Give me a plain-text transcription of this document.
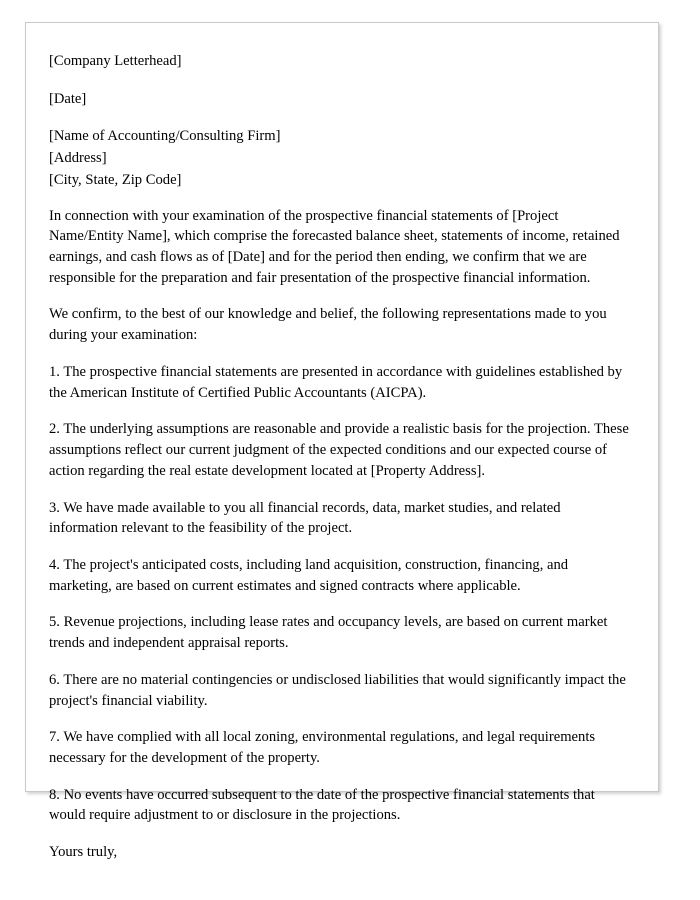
[Company Letterhead]

[Date]

[Name of Accounting/Consulting Firm]

[Address]

[City, State, Zip Code]

In connection with your examination of the prospective financial statements of [Project Name/Entity Name], which comprise the forecasted balance sheet, statements of income, retained earnings, and cash flows as of [Date] and for the period then ending, we confirm that we are responsible for the preparation and fair presentation of the prospective financial information.

We confirm, to the best of our knowledge and belief, the following representations made to you during your examination:

1. The prospective financial statements are presented in accordance with guidelines established by the American Institute of Certified Public Accountants (AICPA).

2. The underlying assumptions are reasonable and provide a realistic basis for the projection. These assumptions reflect our current judgment of the expected conditions and our expected course of action regarding the real estate development located at [Property Address].

3. We have made available to you all financial records, data, market studies, and related information relevant to the feasibility of the project.

4. The project's anticipated costs, including land acquisition, construction, financing, and marketing, are based on current estimates and signed contracts where applicable.

5. Revenue projections, including lease rates and occupancy levels, are based on current market trends and independent appraisal reports.

6. There are no material contingencies or undisclosed liabilities that would significantly impact the project's financial viability.

7. We have complied with all local zoning, environmental regulations, and legal requirements necessary for the development of the property.

8. No events have occurred subsequent to the date of the prospective financial statements that would require adjustment to or disclosure in the projections.

Yours truly,
